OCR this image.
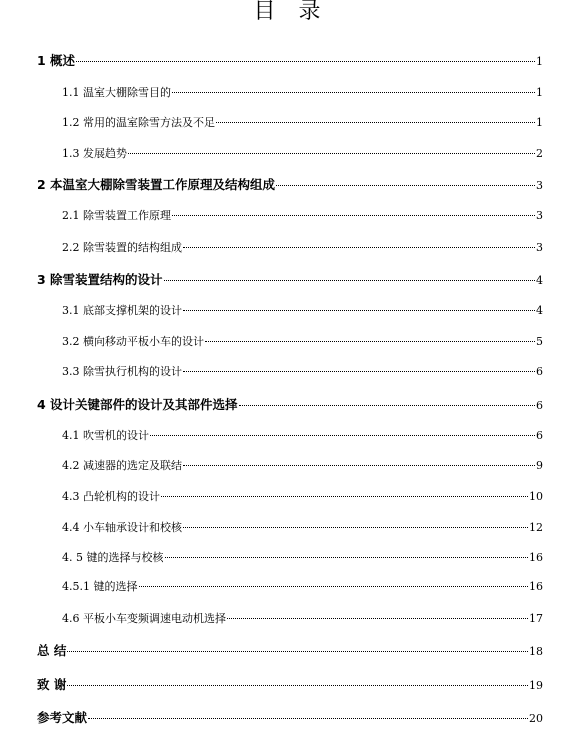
目 录
1 概述	1
1.1 温室大棚除雪目的	1
1.2 常用的温室除雪方法及不足	1
1.3 发展趋势	2
2 本温室大棚除雪装置工作原理及结构组成	3
2.1 除雪装置工作原理	3
2.2 除雪装置的结构组成	3
3 除雪装置结构的设计	4
3.1 底部支撑机架的设计	4
3.2 横向移动平板小车的设计	5
3.3 除雪执行机构的设计	6
4 设计关键部件的设计及其部件选择	6
4.1 吹雪机的设计	6
4.2 减速器的选定及联结	9
4.3 凸轮机构的设计	10
4.4 小车轴承设计和校核	12
4. 5 键的选择与校核	16
4.5.1 键的选择	16
4.6 平板小车变频调速电动机选择	17
总 结	18
致 谢	19
参考文献	20
